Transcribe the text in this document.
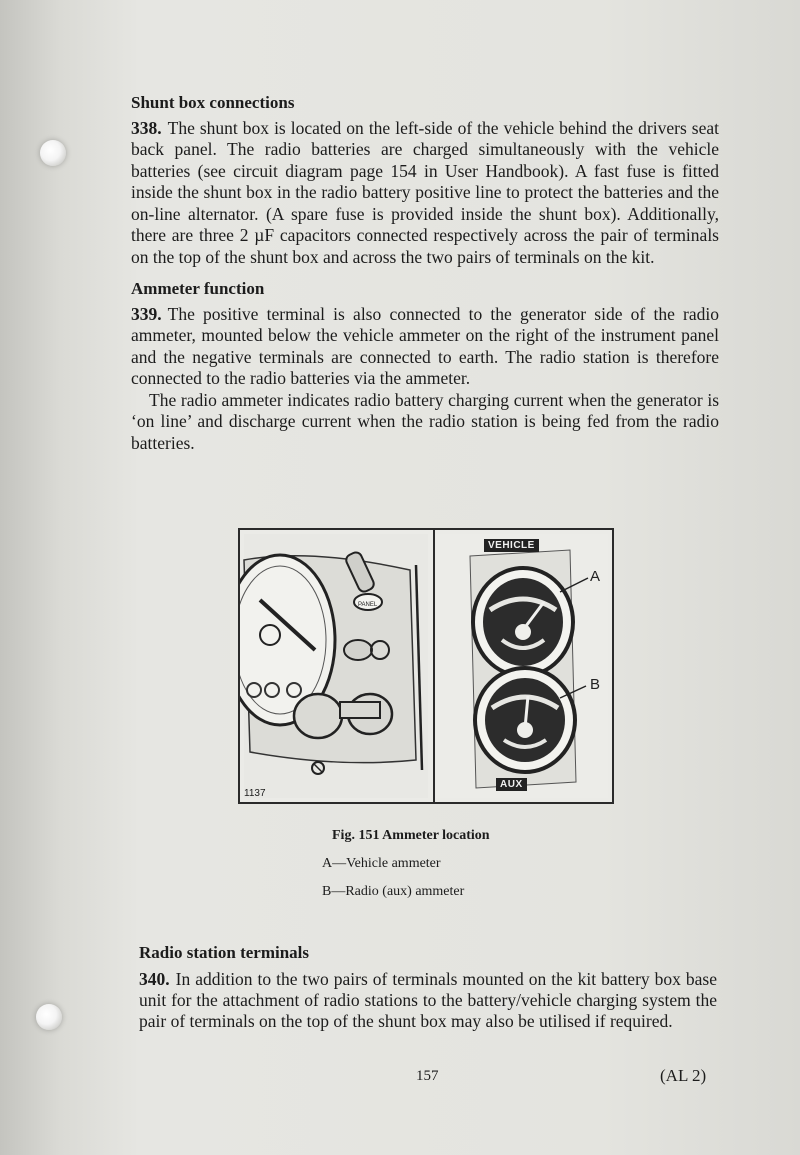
Shunt box connections

338. The shunt box is located on the left-side of the vehicle behind the drivers seat back panel. The radio batteries are charged simultaneously with the vehicle batteries (see circuit diagram page 154 in User Handbook). A fast fuse is fitted inside the shunt box in the radio battery positive line to protect the batteries and the on-line alternator. (A spare fuse is provided inside the shunt box). Additionally, there are three 2 µF capacitors connected respectively across the pair of terminals on the top of the shunt box and across the two pairs of terminals on the kit.

Ammeter function

339. The positive terminal is also connected to the generator side of the radio ammeter, mounted below the vehicle ammeter on the right of the instrument panel and the negative terminals are connected to earth. The radio station is therefore connected to the radio batteries via the ammeter.

The radio ammeter indicates radio battery charging current when the generator is ‘on line’ and discharge current when the radio station is being fed from the radio batteries.

PANEL
VEHICLE
AUX
A
B
1137
Fig. 151 Ammeter location
A—Vehicle ammeter
B—Radio (aux) ammeter

Radio station terminals

340. In addition to the two pairs of terminals mounted on the kit battery box base unit for the attachment of radio stations to the battery/vehicle charging system the pair of terminals on the top of the shunt box may also be utilised if required.

157	(AL 2)
